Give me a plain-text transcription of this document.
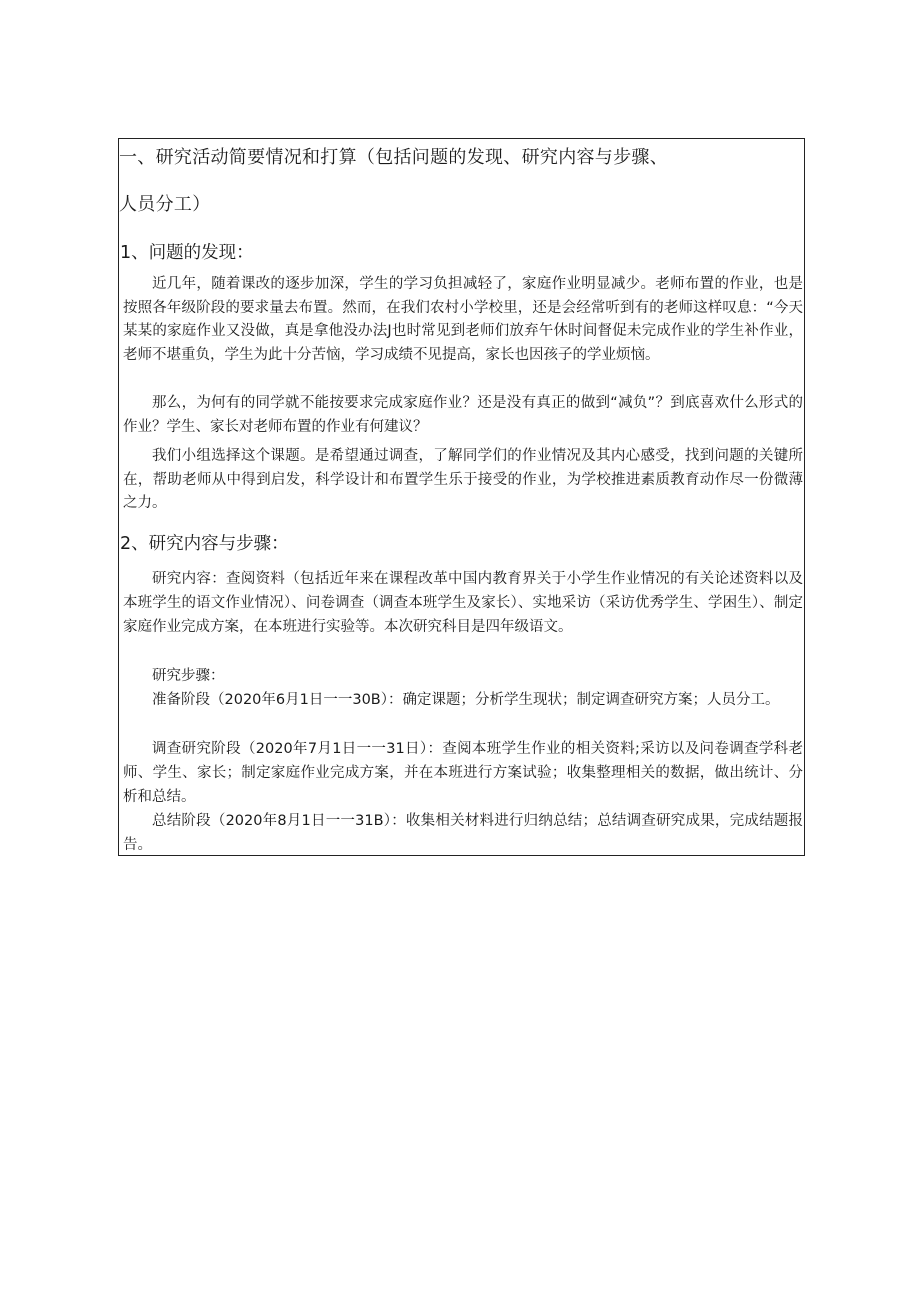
一、研究活动简要情况和打算（包括问题的发现、研究内容与步骤、
人员分工）
1、问题的发现：

近几年，随着课改的逐步加深，学生的学习负担减轻了，家庭作业明显减少。老师布置的作业，也是按照各年级阶段的要求量去布置。然而，在我们农村小学校里，还是会经常听到有的老师这样叹息：“今天某某的家庭作业又没做，真是拿他没办法J也时常见到老师们放弃午休时间督促未完成作业的学生补作业，老师不堪重负，学生为此十分苦恼，学习成绩不见提高，家长也因孩子的学业烦恼。

那么，为何有的同学就不能按要求完成家庭作业？还是没有真正的做到“减负”？到底喜欢什么形式的作业？学生、家长对老师布置的作业有何建议？

我们小组选择这个课题。是希望通过调查，了解同学们的作业情况及其内心感受，找到问题的关键所在，帮助老师从中得到启发，科学设计和布置学生乐于接受的作业，为学校推进素质教育动作尽一份微薄之力。

2、研究内容与步骤：

研究内容：查阅资料（包括近年来在课程改革中国内教育界关于小学生作业情况的有关论述资料以及本班学生的语文作业情况）、问卷调查（调查本班学生及家长）、实地采访（采访优秀学生、学困生）、制定家庭作业完成方案，在本班进行实验等。本次研究科目是四年级语文。

研究步骤：

准备阶段（2020年6月1日一一30B）：确定课题；分析学生现状；制定调查研究方案；人员分工。

调查研究阶段（2020年7月1日一一31日）：查阅本班学生作业的相关资料;采访以及问卷调查学科老师、学生、家长；制定家庭作业完成方案，并在本班进行方案试验；收集整理相关的数据，做出统计、分析和总结。

总结阶段（2020年8月1日一一31B）：收集相关材料进行归纳总结；总结调查研究成果，完成结题报告。
